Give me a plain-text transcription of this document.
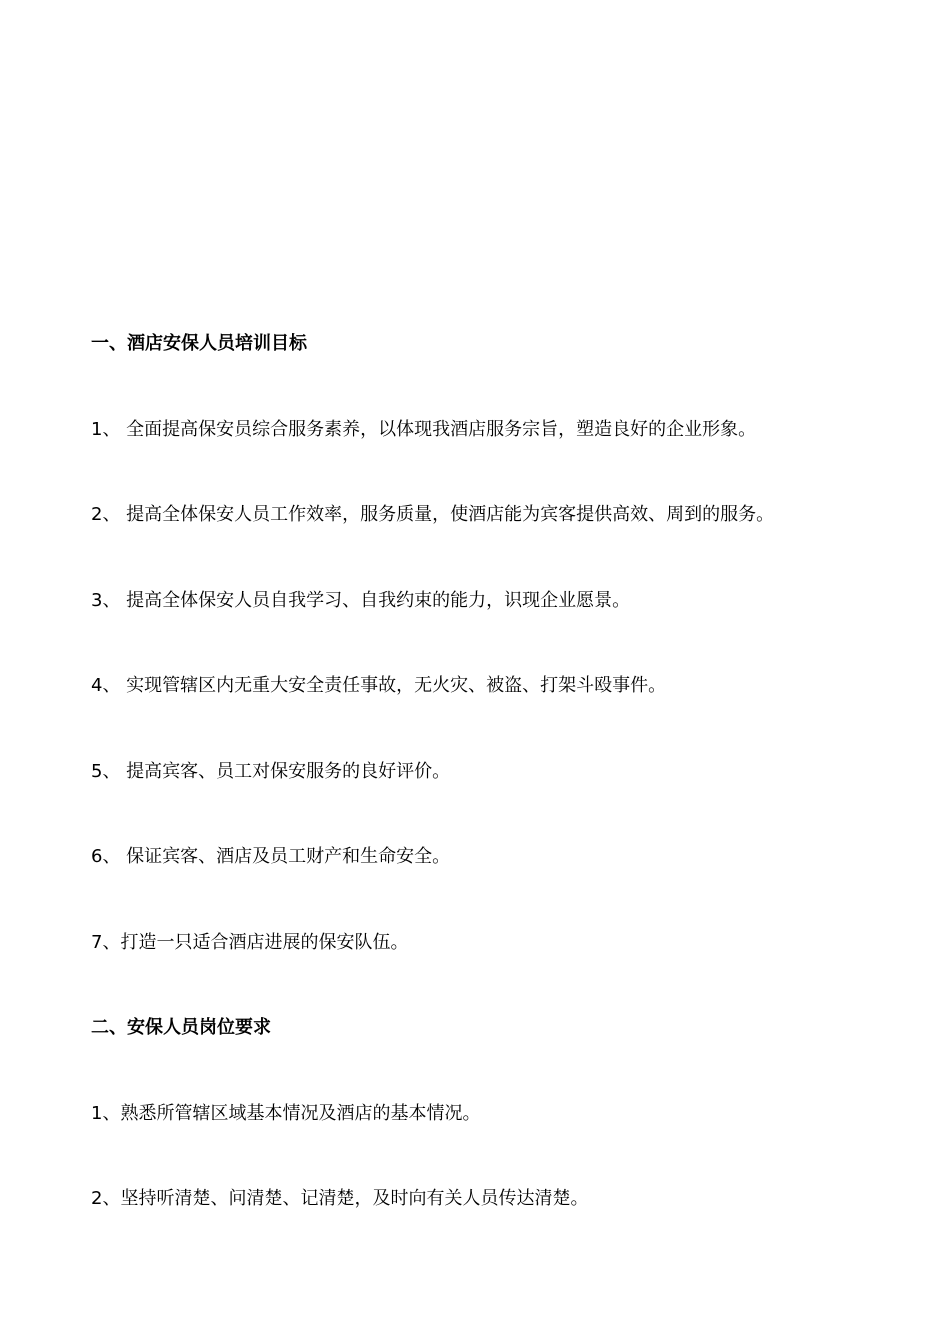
一、酒店安保人员培训目标
1、 全面提高保安员综合服务素养，以体现我酒店服务宗旨，塑造良好的企业形象。
2、 提高全体保安人员工作效率，服务质量，使酒店能为宾客提供高效、周到的服务。
3、 提高全体保安人员自我学习、自我约束的能力，识现企业愿景。
4、 实现管辖区内无重大安全责任事故，无火灾、被盗、打架斗殴事件。
5、 提高宾客、员工对保安服务的良好评价。
6、 保证宾客、酒店及员工财产和生命安全。
7、打造一只适合酒店进展的保安队伍。
二、安保人员岗位要求
1、熟悉所管辖区域基本情况及酒店的基本情况。
2、坚持听清楚、问清楚、记清楚，及时向有关人员传达清楚。
